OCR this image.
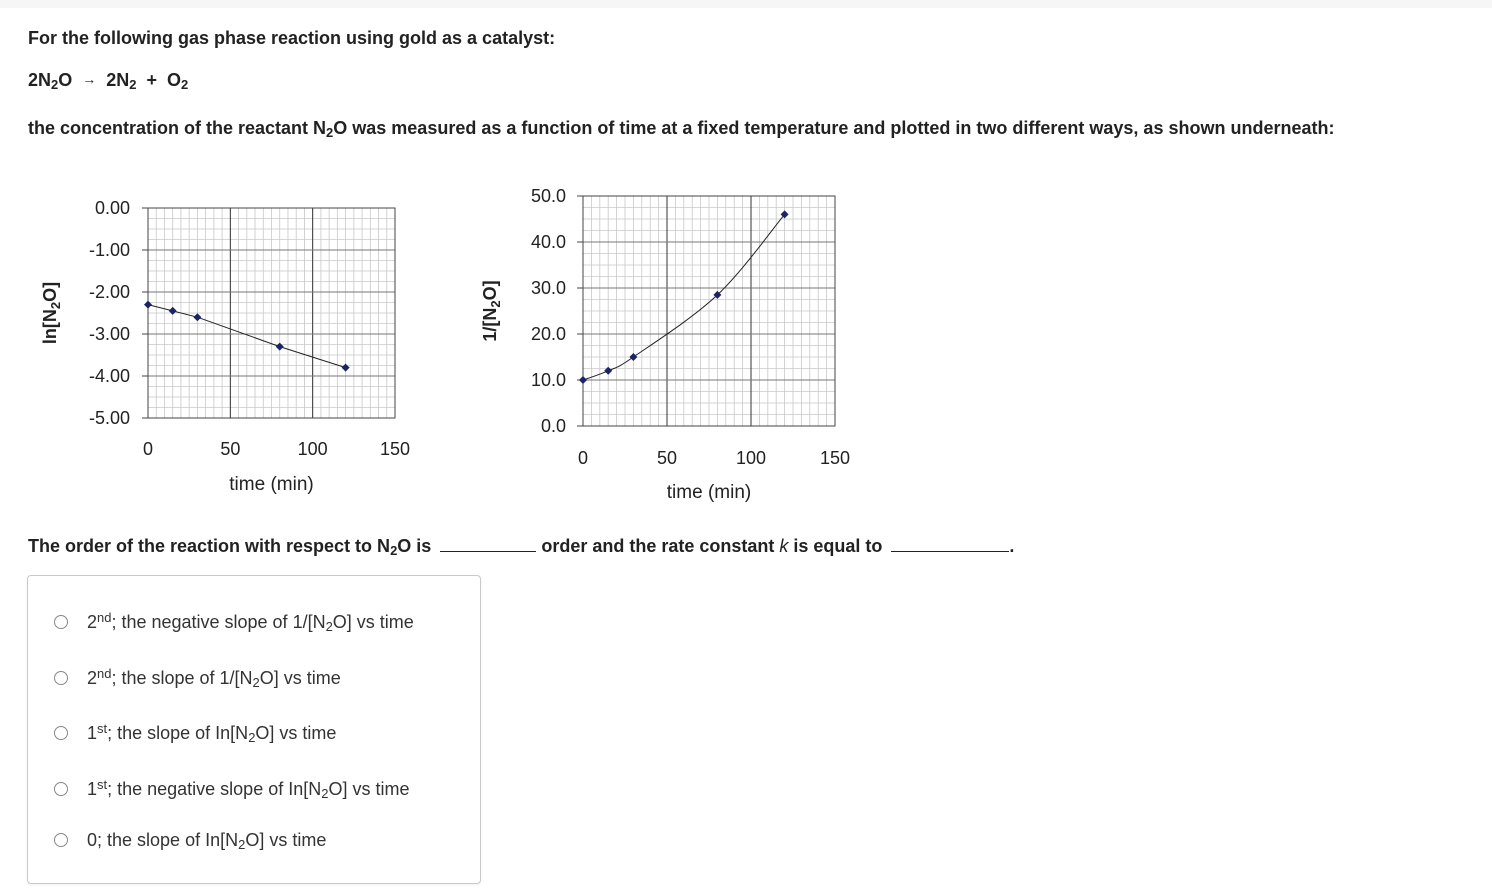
For the following gas phase reaction using gold as a catalyst:
$2N_2O \to 2N_2 + O_2$
the concentration of the reactant $N_2O$ was measured as a function of time at a fixed temperature and plotted in two different ways, as shown underneath:
0.00
-1.00
-2.00
-3.00
-4.00
-5.00
0	50	100	150
time (min)
$\ln[N_2O]$
50.0
40.0
30.0
20.0
10.0
0.0
0	50	100	150
time (min)
$1/[N_2O]$
The order of the reaction with respect to $N_2O$ is	order and the rate constant k is equal to	.
2nd; the negative slope of $1/[N_2O]$ vs time
2nd; the slope of $1/[N_2O]$ vs time
1st; the slope of $In[N_2O]$ vs time
1st; the negative slope of $In[N_2O]$ vs time
0; the slope of $In[N_2O]$ vs time
